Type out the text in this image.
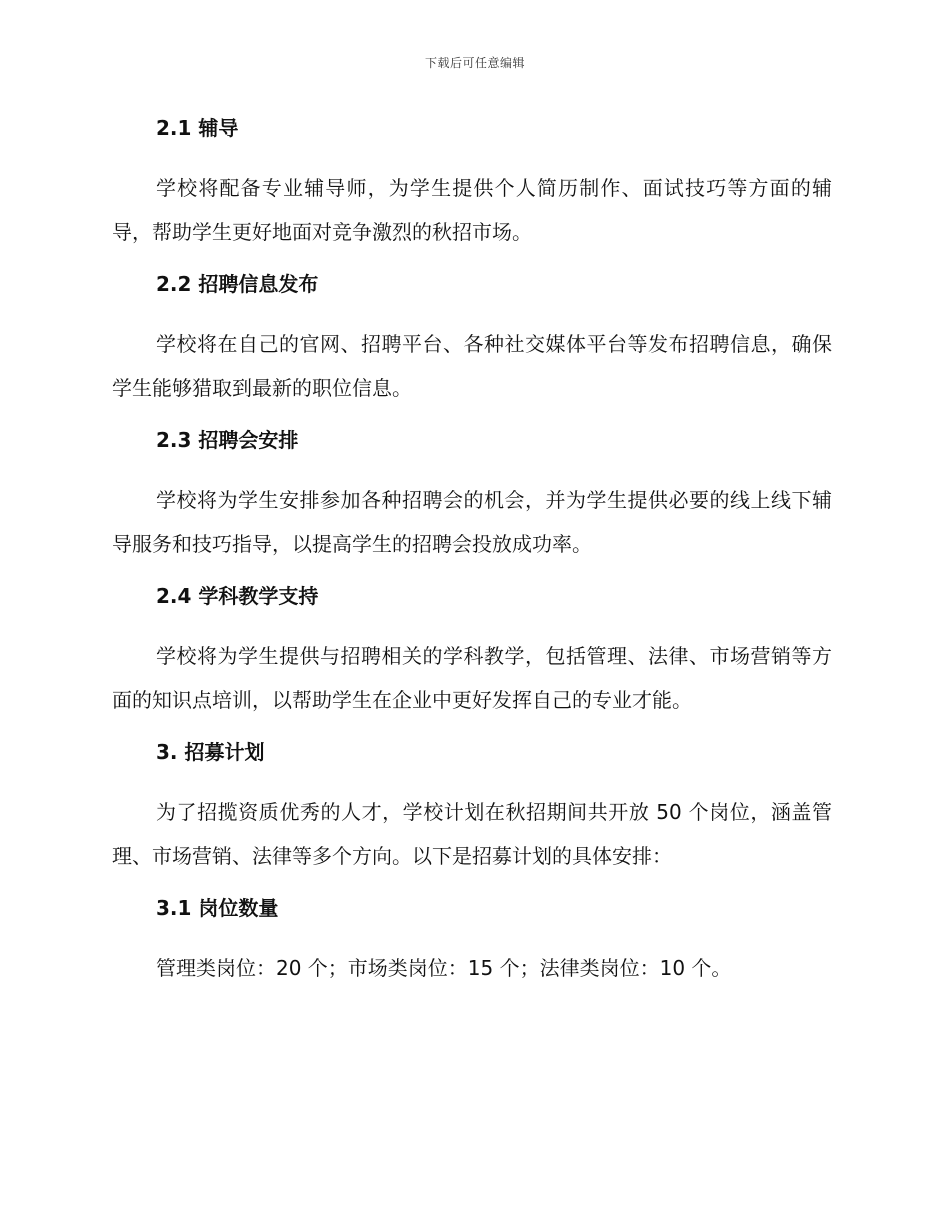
下载后可任意编辑
2.1 辅导
学校将配备专业辅导师，为学生提供个人简历制作、面试技巧等方面的辅导，帮助学生更好地面对竞争激烈的秋招市场。
2.2 招聘信息发布
学校将在自己的官网、招聘平台、各种社交媒体平台等发布招聘信息，确保学生能够猎取到最新的职位信息。
2.3 招聘会安排
学校将为学生安排参加各种招聘会的机会，并为学生提供必要的线上线下辅导服务和技巧指导，以提高学生的招聘会投放成功率。
2.4 学科教学支持
学校将为学生提供与招聘相关的学科教学，包括管理、法律、市场营销等方面的知识点培训，以帮助学生在企业中更好发挥自己的专业才能。
3. 招募计划
为了招揽资质优秀的人才，学校计划在秋招期间共开放 50 个岗位，涵盖管理、市场营销、法律等多个方向。以下是招募计划的具体安排：
3.1 岗位数量
管理类岗位：20 个；市场类岗位：15 个；法律类岗位：10 个。
